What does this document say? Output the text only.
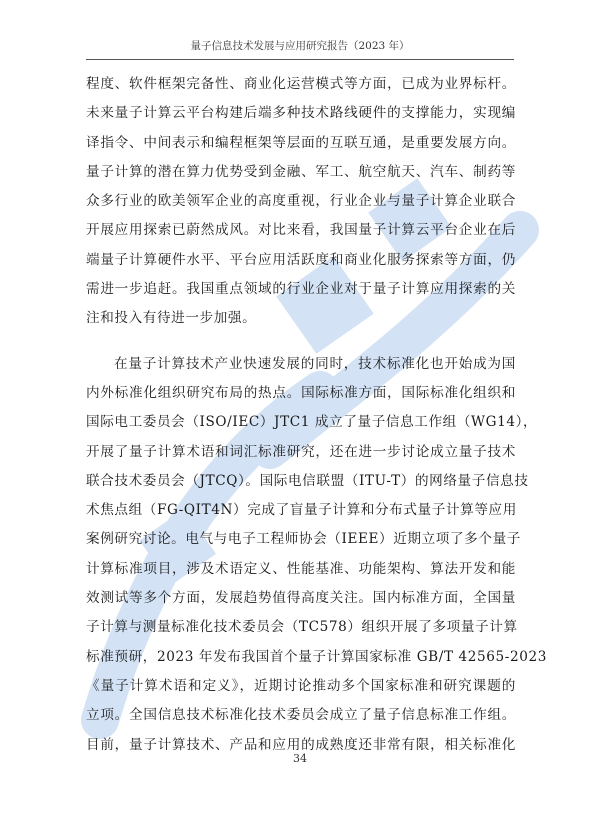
量子信息技术发展与应用研究报告（2023 年）
程度、软件框架完备性、商业化运营模式等方面，已成为业界标杆。
未来量子计算云平台构建后端多种技术路线硬件的支撑能力，实现编
译指令、中间表示和编程框架等层面的互联互通，是重要发展方向。
量子计算的潜在算力优势受到金融、军工、航空航天、汽车、制药等
众多行业的欧美领军企业的高度重视，行业企业与量子计算企业联合
开展应用探索已蔚然成风。对比来看，我国量子计算云平台企业在后
端量子计算硬件水平、平台应用活跃度和商业化服务探索等方面，仍
需进一步追赶。我国重点领域的行业企业对于量子计算应用探索的关
注和投入有待进一步加强。
在量子计算技术产业快速发展的同时，技术标准化也开始成为国
内外标准化组织研究布局的热点。国际标准方面，国际标准化组织和
国际电工委员会（ISO/IEC）JTC1 成立了量子信息工作组（WG14），
开展了量子计算术语和词汇标准研究，还在进一步讨论成立量子技术
联合技术委员会（JTCQ）。国际电信联盟（ITU-T）的网络量子信息技
术焦点组（FG-QIT4N）完成了盲量子计算和分布式量子计算等应用
案例研究讨论。电气与电子工程师协会（IEEE）近期立项了多个量子
计算标准项目，涉及术语定义、性能基准、功能架构、算法开发和能
效测试等多个方面，发展趋势值得高度关注。国内标准方面，全国量
子计算与测量标准化技术委员会（TC578）组织开展了多项量子计算
标准预研，2023 年发布我国首个量子计算国家标准 GB/T 42565-2023
《量子计算术语和定义》，近期讨论推动多个国家标准和研究课题的
立项。全国信息技术标准化技术委员会成立了量子信息标准工作组。
目前，量子计算技术、产品和应用的成熟度还非常有限，相关标准化
34
